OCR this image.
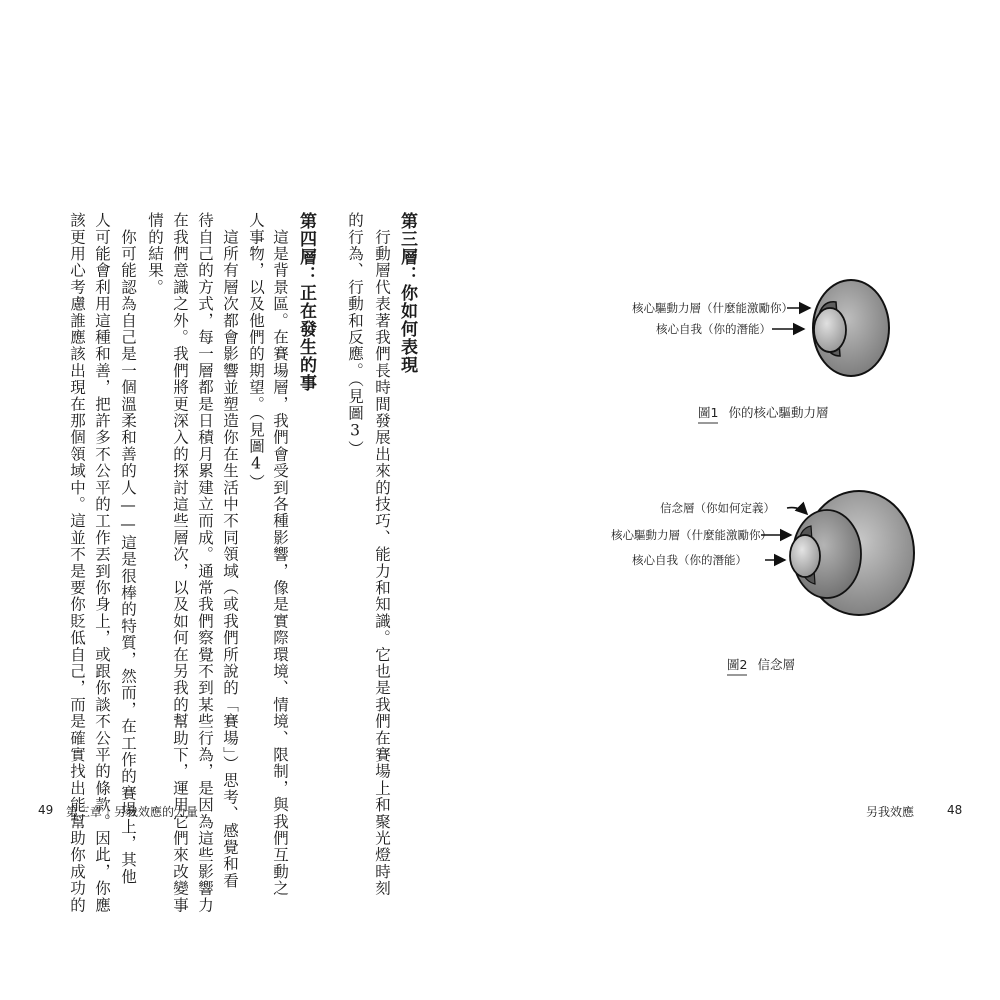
第三層：你如何表現
　行動層代表著我們長時間發展出來的技巧、能力和知識。它也是我們在賽場上和聚光燈時刻
的行為、行動和反應。（見圖3）
第四層：正在發生的事
　這是背景區。在賽場層，我們會受到各種影響，像是實際環境、情境、限制，與我們互動之
人事物，以及他們的期望。（見圖4）
　這所有層次都會影響並塑造你在生活中不同領域（或我們所說的「賽場」）思考、感覺和看
待自己的方式，每一層都是日積月累建立而成。通常我們察覺不到某些行為，是因為這些影響力
在我們意識之外。我們將更深入的探討這些層次，以及如何在另我的幫助下，運用它們來改變事
情的結果。
　你可能認為自己是一個溫柔和善的人——這是很棒的特質，然而，在工作的賽場上，其他
人可能會利用這種和善，把許多不公平的工作丟到你身上，或跟你談不公平的條款。因此，你應
該更用心考慮誰應該出現在那個領域中。這並不是要你貶低自己，而是確實找出能幫助你成功的
49 第三章｜另我效應的力量
核心驅動力層（什麼能激勵你）
核心自我（你的潛能）
圖1 你的核心驅動力層
信念層（你如何定義）
核心驅動力層（什麼能激勵你）
核心自我（你的潛能）
圖2 信念層
另我效應	48
